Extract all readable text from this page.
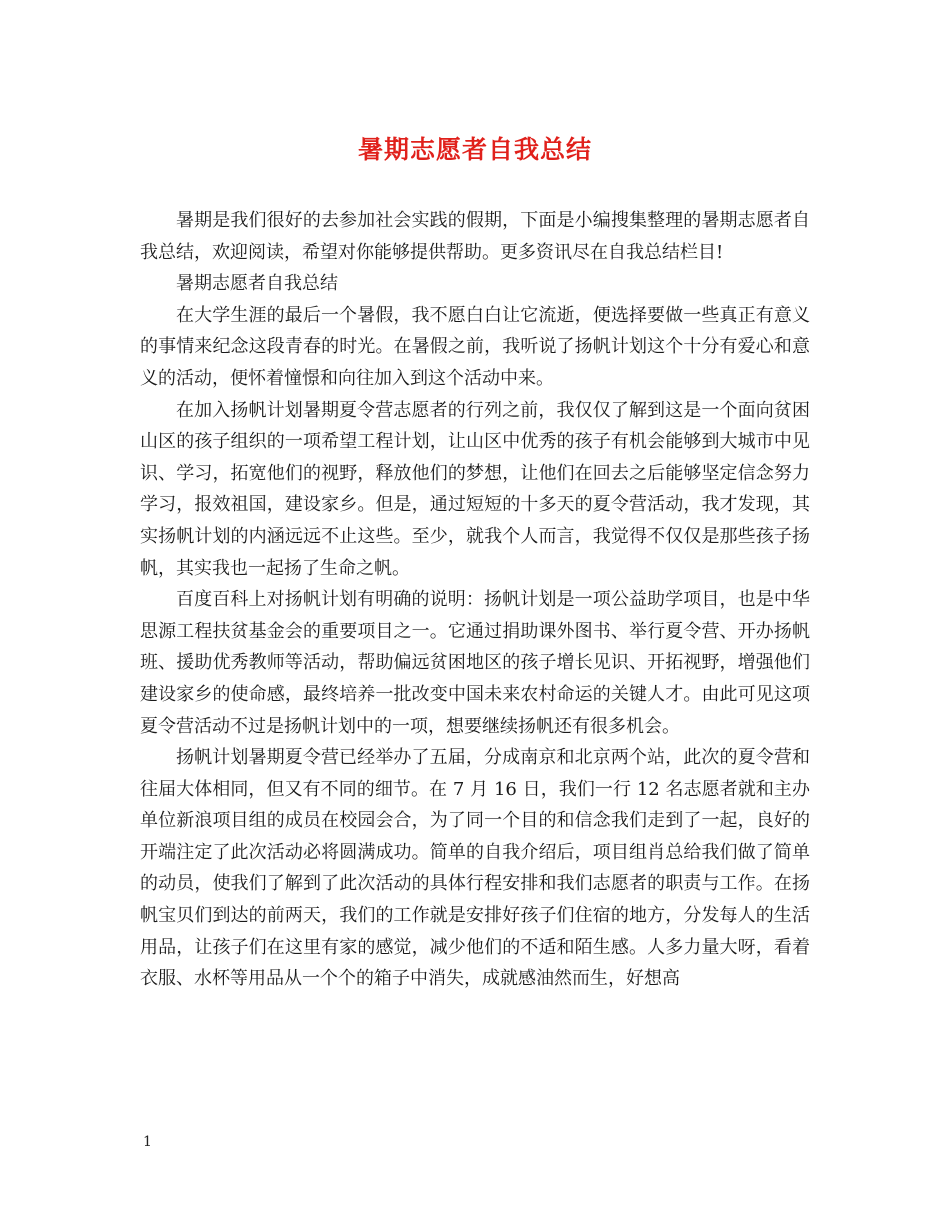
暑期志愿者自我总结

暑期是我们很好的去参加社会实践的假期，下面是小编搜集整理的暑期志愿者自我总结，欢迎阅读，希望对你能够提供帮助。更多资讯尽在自我总结栏目!

暑期志愿者自我总结

在大学生涯的最后一个暑假，我不愿白白让它流逝，便选择要做一些真正有意义的事情来纪念这段青春的时光。在暑假之前，我听说了扬帆计划这个十分有爱心和意义的活动，便怀着憧憬和向往加入到这个活动中来。

在加入扬帆计划暑期夏令营志愿者的行列之前，我仅仅了解到这是一个面向贫困山区的孩子组织的一项希望工程计划，让山区中优秀的孩子有机会能够到大城市中见识、学习，拓宽他们的视野，释放他们的梦想，让他们在回去之后能够坚定信念努力学习，报效祖国，建设家乡。但是，通过短短的十多天的夏令营活动，我才发现，其实扬帆计划的内涵远远不止这些。至少，就我个人而言，我觉得不仅仅是那些孩子扬帆，其实我也一起扬了生命之帆。

百度百科上对扬帆计划有明确的说明：扬帆计划是一项公益助学项目，也是中华思源工程扶贫基金会的重要项目之一。它通过捐助课外图书、举行夏令营、开办扬帆班、援助优秀教师等活动，帮助偏远贫困地区的孩子增长见识、开拓视野，增强他们建设家乡的使命感，最终培养一批改变中国未来农村命运的关键人才。由此可见这项夏令营活动不过是扬帆计划中的一项，想要继续扬帆还有很多机会。

扬帆计划暑期夏令营已经举办了五届，分成南京和北京两个站，此次的夏令营和往届大体相同，但又有不同的细节。在 7 月 16 日，我们一行 12 名志愿者就和主办单位新浪项目组的成员在校园会合，为了同一个目的和信念我们走到了一起，良好的开端注定了此次活动必将圆满成功。简单的自我介绍后，项目组肖总给我们做了简单的动员，使我们了解到了此次活动的具体行程安排和我们志愿者的职责与工作。在扬帆宝贝们到达的前两天，我们的工作就是安排好孩子们住宿的地方，分发每人的生活用品，让孩子们在这里有家的感觉，减少他们的不适和陌生感。人多力量大呀，看着衣服、水杯等用品从一个个的箱子中消失，成就感油然而生，好想高

1
